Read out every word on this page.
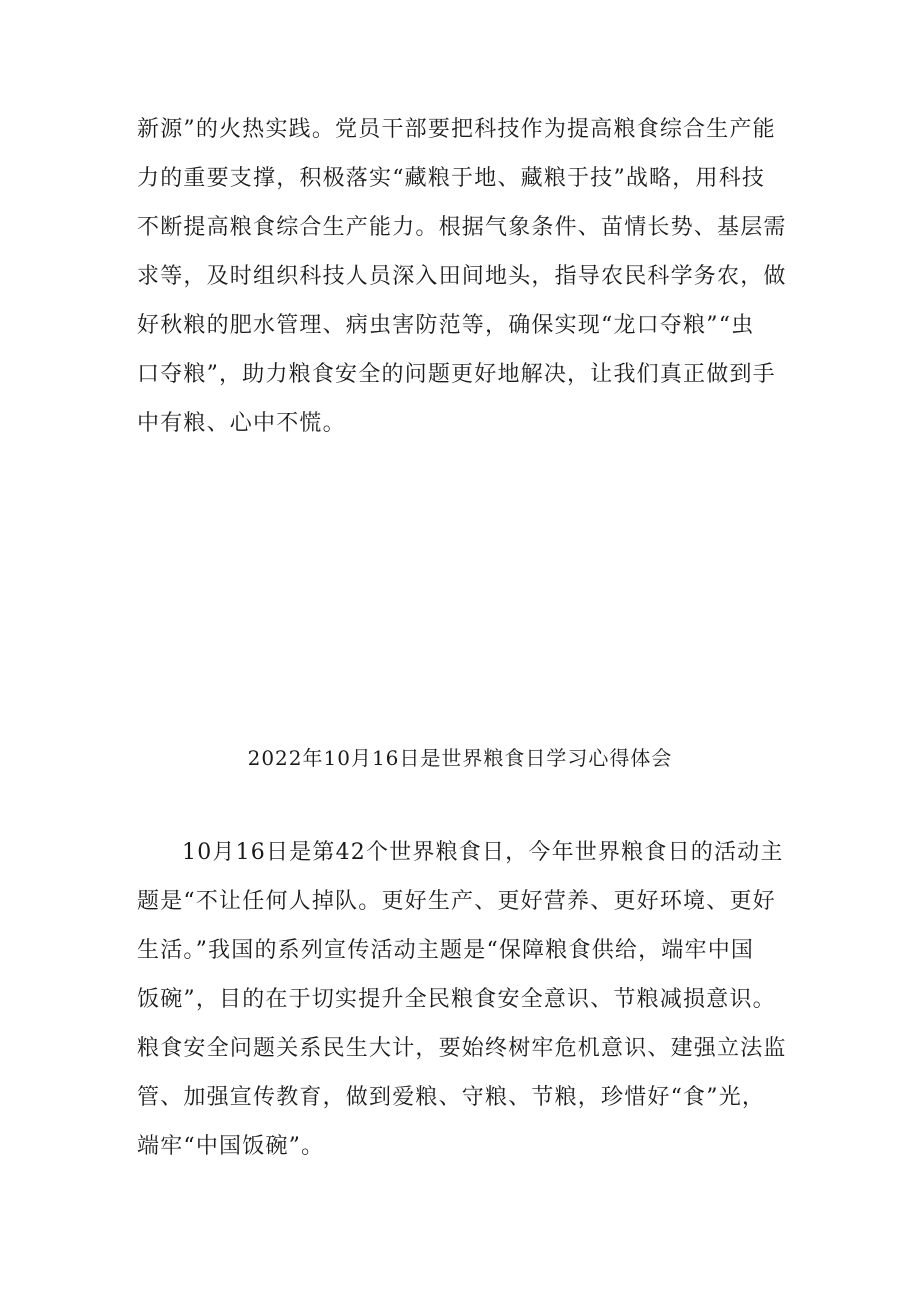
新源”的火热实践。党员干部要把科技作为提高粮食综合生产能
力的重要支撑，积极落实“藏粮于地、藏粮于技”战略，用科技
不断提高粮食综合生产能力。根据气象条件、苗情长势、基层需
求等，及时组织科技人员深入田间地头，指导农民科学务农，做
好秋粮的肥水管理、病虫害防范等，确保实现“龙口夺粮”“虫
口夺粮”，助力粮食安全的问题更好地解决，让我们真正做到手
中有粮、心中不慌。
2022年10月16日是世界粮食日学习心得体会
10月16日是第42个世界粮食日，今年世界粮食日的活动主
题是“不让任何人掉队。更好生产、更好营养、更好环境、更好
生活。”我国的系列宣传活动主题是“保障粮食供给，端牢中国
饭碗”，目的在于切实提升全民粮食安全意识、节粮减损意识。
粮食安全问题关系民生大计，要始终树牢危机意识、建强立法监
管、加强宣传教育，做到爱粮、守粮、节粮，珍惜好“食”光，
端牢“中国饭碗”。
